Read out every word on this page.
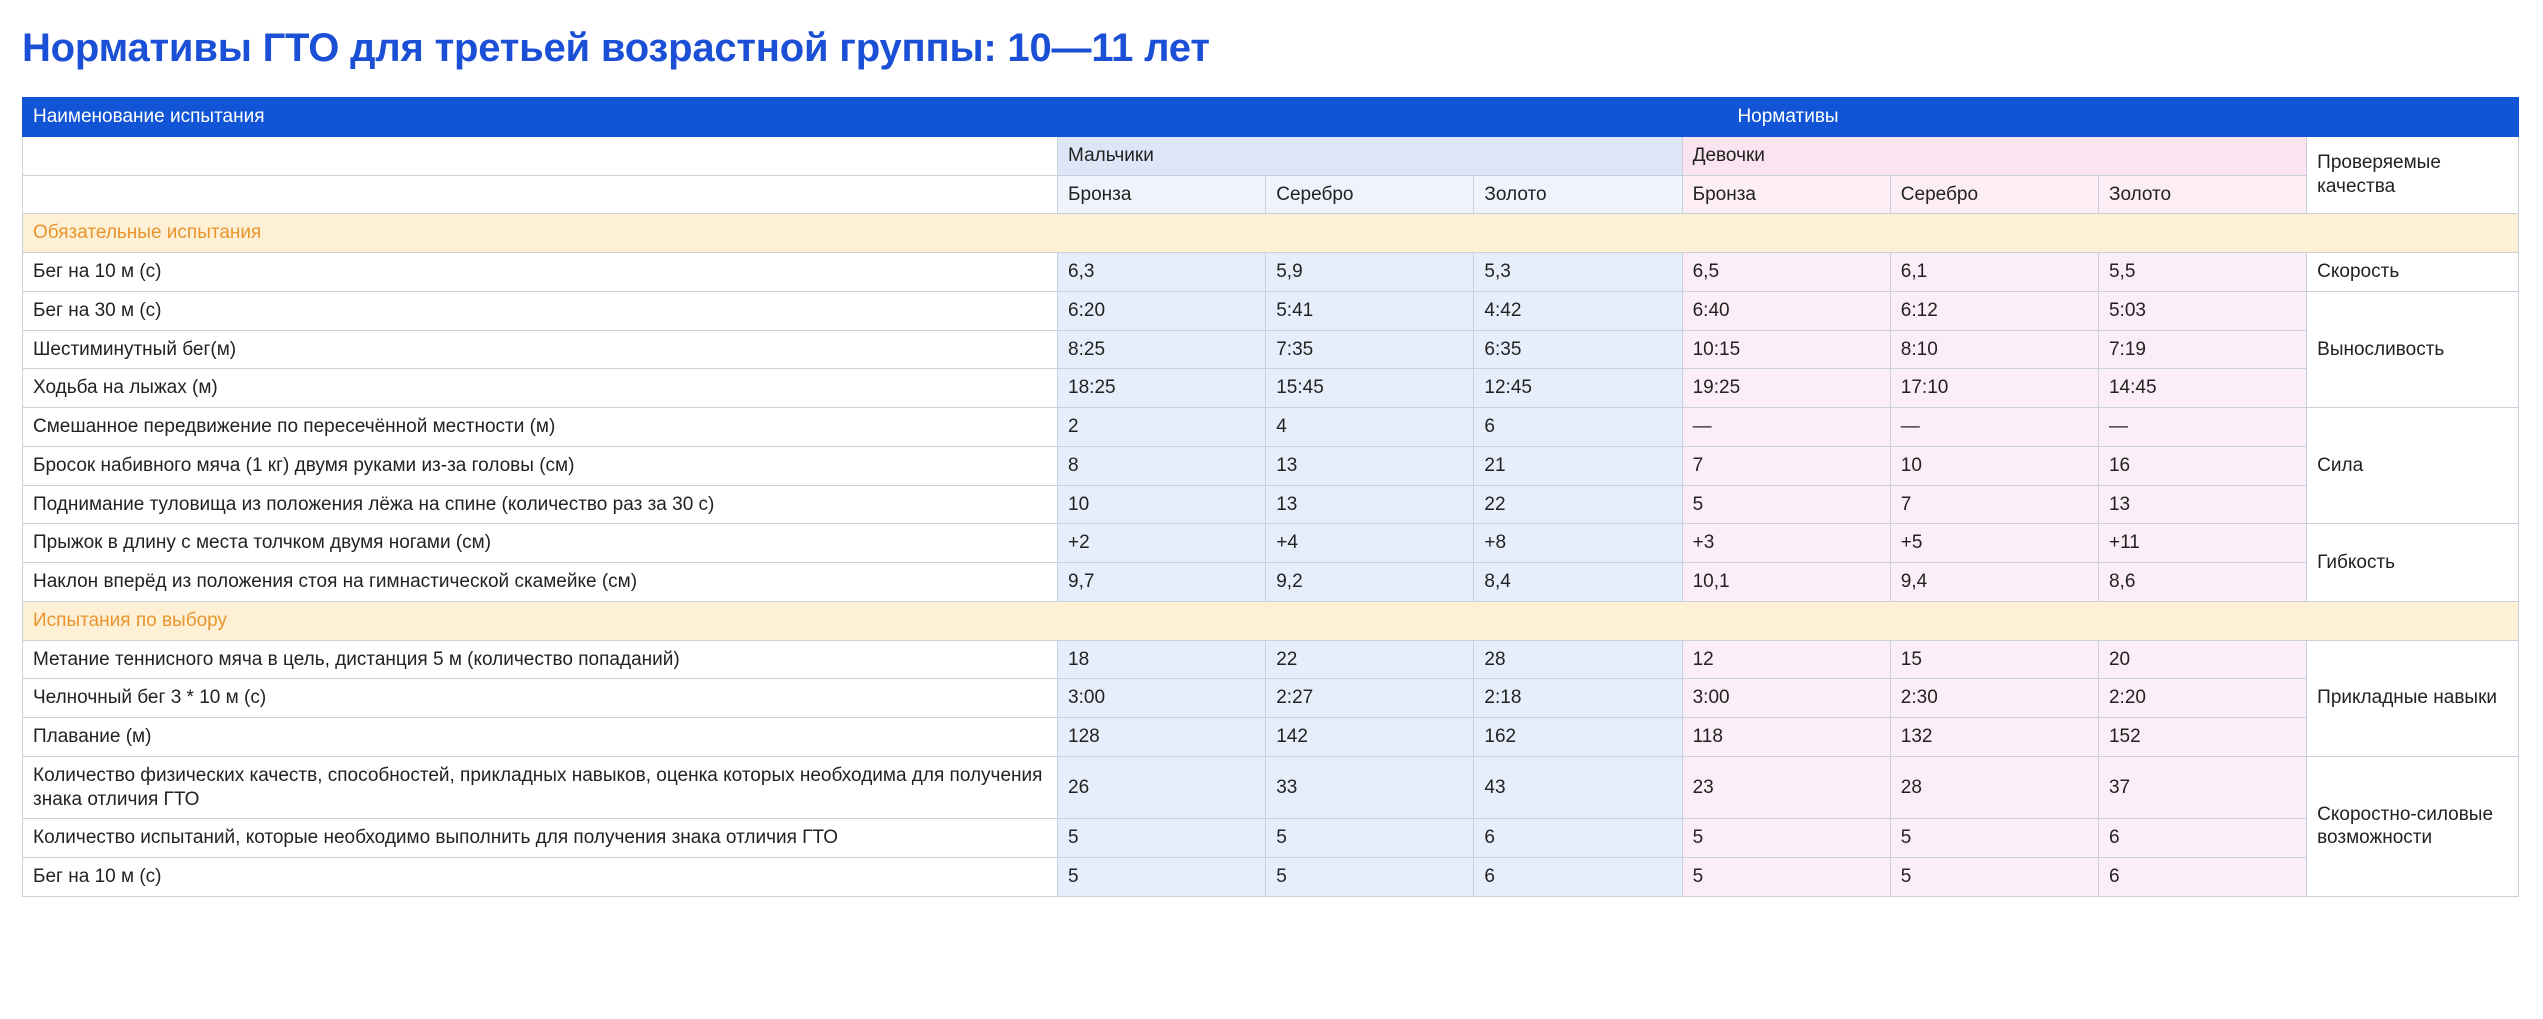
Нормативы ГТО для третьей возрастной группы: 10—11 лет
Наименование испытания	Нормативы						
	Мальчики			Девочки			Проверяемые качества
	Бронза	Серебро	Золото	Бронза	Серебро	Золото	
Обязательные испытания							
Бег на 10 м (с)	6,3	5,9	5,3	6,5	6,1	5,5	Скорость
Бег на 30 м (с)	6:20	5:41	4:42	6:40	6:12	5:03	Выносливость
Шестиминутный бег(м)	8:25	7:35	6:35	10:15	8:10	7:19	
Ходьба на лыжах (м)	18:25	15:45	12:45	19:25	17:10	14:45	
Смешанное передвижение по пересечённой местности (м)	2	4	6	—	—	—	Сила
Бросок набивного мяча (1 кг) двумя руками из-за головы (см)	8	13	21	7	10	16	
Поднимание туловища из положения лёжа на спине (количество раз за 30 с)	10	13	22	5	7	13	
Прыжок в длину с места толчком двумя ногами (см)	+2	+4	+8	+3	+5	+11	Гибкость
Наклон вперёд из положения стоя на гимнастической скамейке (см)	9,7	9,2	8,4	10,1	9,4	8,6	
Испытания по выбору							
Метание теннисного мяча в цель, дистанция 5 м (количество попаданий)	18	22	28	12	15	20	Прикладные навыки
Челночный бег 3 * 10 м (с)	3:00	2:27	2:18	3:00	2:30	2:20	
Плавание (м)	128	142	162	118	132	152	
Количество физических качеств, способностей, прикладных навыков, оценка которых необходима для получения знака отличия ГТО	26	33	43	23	28	37	Скоростно-силовые возможности
Количество испытаний, которые необходимо выполнить для получения знака отличия ГТО	5	5	6	5	5	6	
Бег на 10 м (с)	5	5	6	5	5	6	
